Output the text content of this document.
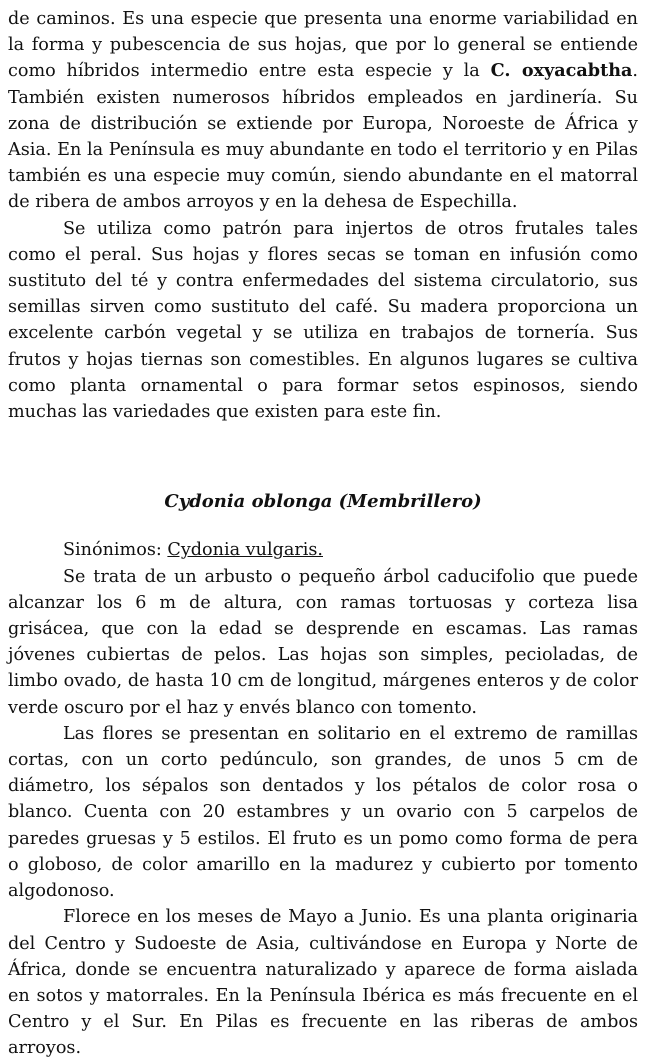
de caminos. Es una especie que presenta una enorme variabilidad en la forma y pubescencia de sus hojas, que por lo general se entiende como híbridos intermedio entre esta especie y la C. oxyacabtha. También existen numerosos híbridos empleados en jardinería. Su zona de distribución se extiende por Europa, Noroeste de África y Asia. En la Península es muy abundante en todo el territorio y en Pilas también es una especie muy común, siendo abundante en el matorral de ribera de ambos arroyos y en la dehesa de Espechilla.

Se utiliza como patrón para injertos de otros frutales tales como el peral. Sus hojas y flores secas se toman en infusión como sustituto del té y contra enfermedades del sistema circulatorio, sus semillas sirven como sustituto del café. Su madera proporciona un excelente carbón vegetal y se utiliza en trabajos de tornería. Sus frutos y hojas tiernas son comestibles. En algunos lugares se cultiva como planta ornamental o para formar setos espinosos, siendo muchas las variedades que existen para este fin.

Cydonia oblonga (Membrillero)

Sinónimos: Cydonia vulgaris.

Se trata de un arbusto o pequeño árbol caducifolio que puede alcanzar los 6 m de altura, con ramas tortuosas y corteza lisa grisácea, que con la edad se desprende en escamas. Las ramas jóvenes cubiertas de pelos. Las hojas son simples, pecioladas, de limbo ovado, de hasta 10 cm de longitud, márgenes enteros y de color verde oscuro por el haz y envés blanco con tomento.

Las flores se presentan en solitario en el extremo de ramillas cortas, con un corto pedúnculo, son grandes, de unos 5 cm de diámetro, los sépalos son dentados y los pétalos de color rosa o blanco. Cuenta con 20 estambres y un ovario con 5 carpelos de paredes gruesas y 5 estilos. El fruto es un pomo como forma de pera o globoso, de color amarillo en la madurez y cubierto por tomento algodonoso.

Florece en los meses de Mayo a Junio. Es una planta originaria del Centro y Sudoeste de Asia, cultivándose en Europa y Norte de África, donde se encuentra naturalizado y aparece de forma aislada en sotos y matorrales. En la Península Ibérica es más frecuente en el Centro y el Sur. En Pilas es frecuente en las riberas de ambos arroyos.
